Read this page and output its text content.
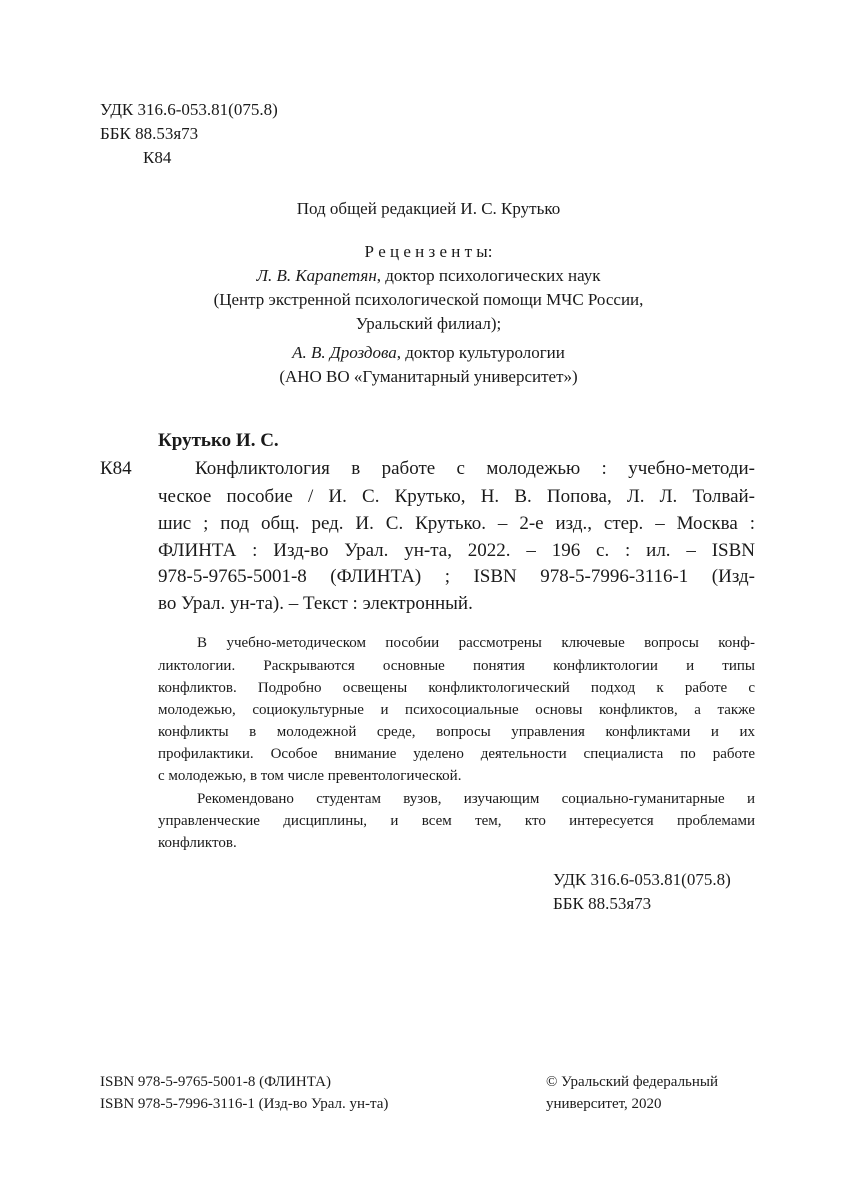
УДК 316.6-053.81(075.8)
ББК 88.53я73
К84
Под общей редакцией И. С. Крутько
Р е ц е н з е н т ы:
Л. В. Карапетян, доктор психологических наук
(Центр экстренной психологической помощи МЧС России,
Уральский филиал);
А. В. Дроздова, доктор культурологии
(АНО ВО «Гуманитарный университет»)
Крутько И. С.
К84	Конфликтология в работе с молодежью : учебно-методи-
ческое пособие / И. С. Крутько, Н. В. Попова, Л. Л. Толвай-
шис ; под общ. ред. И. С. Крутько. – 2-е изд., стер. – Москва :
ФЛИНТА : Изд-во Урал. ун-та, 2022. – 196 с. : ил. – ISBN
978-5-9765-5001-8 (ФЛИНТА) ; ISBN 978-5-7996-3116-1 (Изд-
во Урал. ун-та). – Текст : электронный.
В учебно-методическом пособии рассмотрены ключевые вопросы конф-
ликтологии. Раскрываются основные понятия конфликтологии и типы
конфликтов. Подробно освещены конфликтологический подход к работе с
молодежью, социокультурные и психосоциальные основы конфликтов, а также
конфликты в молодежной среде, вопросы управления конфликтами и их
профилактики. Особое внимание уделено деятельности специалиста по работе
с молодежью, в том числе превентологической.
Рекомендовано студентам вузов, изучающим социально-гуманитарные и
управленческие дисциплины, и всем тем, кто интересуется проблемами
конфликтов.
УДК 316.6-053.81(075.8)
ББК 88.53я73
ISBN 978-5-9765-5001-8 (ФЛИНТА)
ISBN 978-5-7996-3116-1 (Изд-во Урал. ун-та)
© Уральский федеральный
университет, 2020
